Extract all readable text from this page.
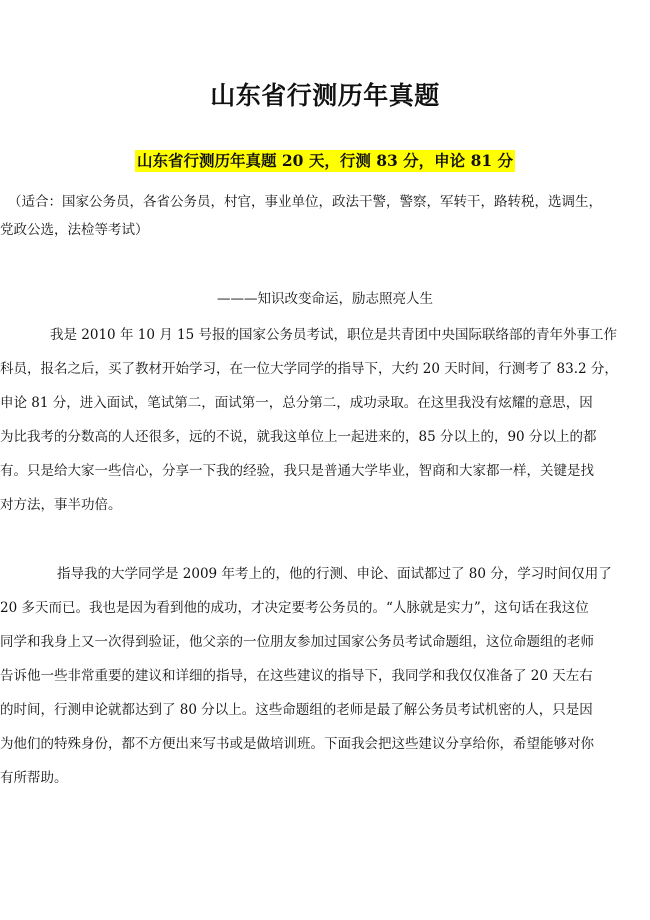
山东省行测历年真题
山东省行测历年真题 20 天，行测 83 分，申论 81 分
（适合：国家公务员，各省公务员，村官，事业单位，政法干警，警察，军转干，路转税，选调生，
党政公选，法检等考试）
———知识改变命运，励志照亮人生
我是 2010 年 10 月 15 号报的国家公务员考试，职位是共青团中央国际联络部的青年外事工作
科员，报名之后，买了教材开始学习，在一位大学同学的指导下，大约 20 天时间，行测考了 83.2 分，
申论 81 分，进入面试，笔试第二，面试第一，总分第二，成功录取。在这里我没有炫耀的意思，因
为比我考的分数高的人还很多，远的不说，就我这单位上一起进来的，85 分以上的，90 分以上的都
有。只是给大家一些信心，分享一下我的经验，我只是普通大学毕业，智商和大家都一样，关键是找
对方法，事半功倍。
指导我的大学同学是 2009 年考上的，他的行测、申论、面试都过了 80 分，学习时间仅用了
20 多天而已。我也是因为看到他的成功，才决定要考公务员的。“人脉就是实力”，这句话在我这位
同学和我身上又一次得到验证，他父亲的一位朋友参加过国家公务员考试命题组，这位命题组的老师
告诉他一些非常重要的建议和详细的指导，在这些建议的指导下，我同学和我仅仅准备了 20 天左右
的时间，行测申论就都达到了 80 分以上。这些命题组的老师是最了解公务员考试机密的人，只是因
为他们的特殊身份，都不方便出来写书或是做培训班。下面我会把这些建议分享给你，希望能够对你
有所帮助。
